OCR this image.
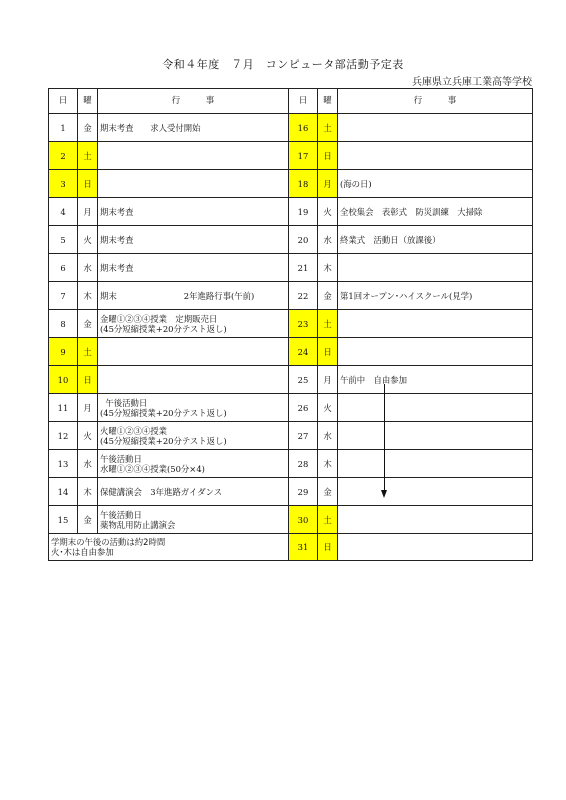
令和４年度　７月　コンピュータ部活動予定表
兵庫県立兵庫工業高等学校
日	曜	行　　　事	日	曜	行　　　事
1	金	期末考査　　求人受付開始	16	土	
2	土		17	日	
3	日		18	月	(海の日)
4	月	期末考査	19	火	全校集会　表彰式　防災訓練　大掃除
5	火	期末考査	20	水	終業式　活動日（放課後）
6	水	期末考査	21	木	
7	木	期末　　　　　　　　2年進路行事(午前)	22	金	第1回オープン･ハイスクール(見学)
8	金	金曜①②③④授業　定期販売日
(45分短縮授業+20分テスト返し)	23	土	
9	土		24	日	
10	日		25	月	午前中　自由参加
11	月	午後活動日
(45分短縮授業+20分テスト返し)	26	火	
12	火	火曜①②③④授業
(45分短縮授業+20分テスト返し)	27	水	
13	水	午後活動日
水曜①②③④授業(50分×4)	28	木	
14	木	保健講演会　3年進路ガイダンス	29	金	
15	金	午後活動日
薬物乱用防止講演会	30	土	
学期末の午後の活動は約2時間
火･木は自由参加			31	日	
